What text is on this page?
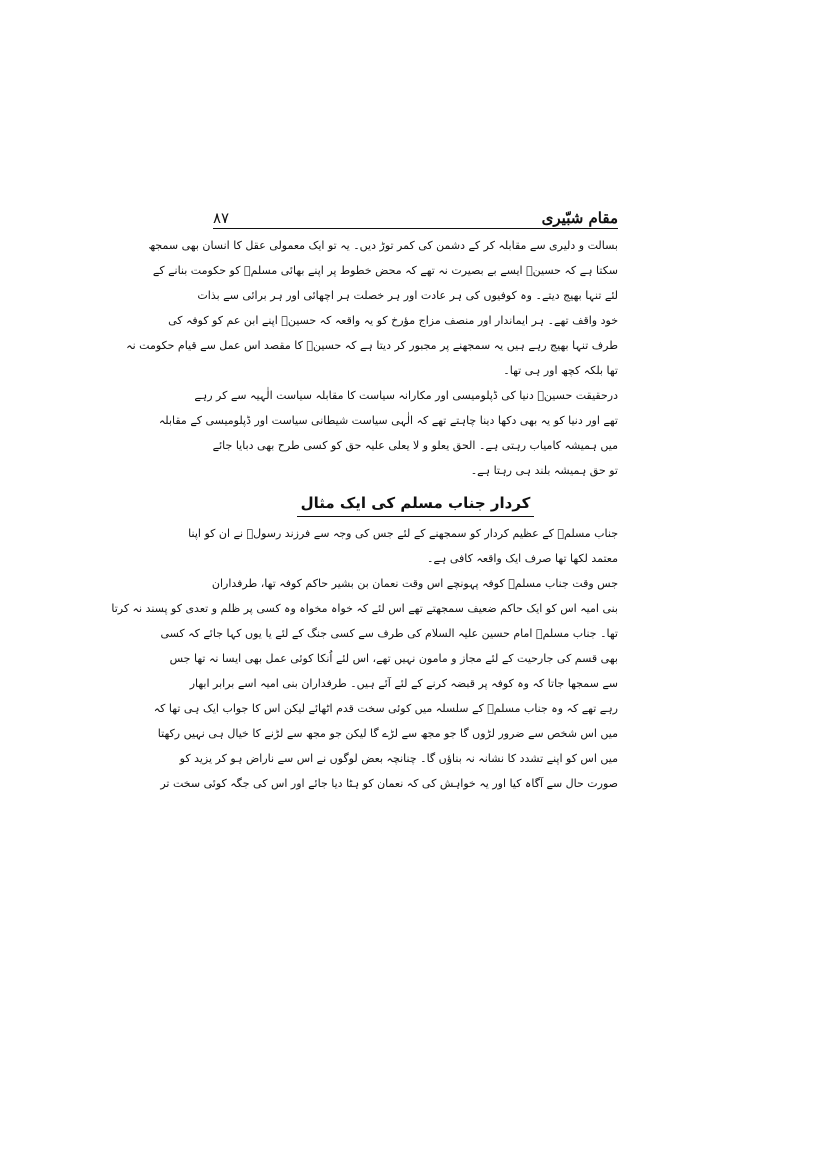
مقام شبّیری
۸۷
بسالت و دلیری سے مقابلہ کر کے دشمن کی کمر توڑ دیں۔ یہ تو ایک معمولی عقل کا انسان بھی سمجھ
سکتا ہے کہ حسینؑ ایسے بے بصیرت نہ تھے کہ محض خطوط پر اپنے بھائی مسلمؑ کو حکومت بنانے کے
لئے تنہا بھیج دیتے۔ وہ کوفیوں کی ہر عادت اور ہر خصلت ہر اچھائی اور ہر برائی سے بذات
خود واقف تھے۔ ہر ایماندار اور منصف مزاج مؤرخ کو یہ واقعہ کہ حسینؑ اپنے ابن عم کو کوفہ کی
طرف تنہا بھیج رہے ہیں یہ سمجھنے پر مجبور کر دیتا ہے کہ حسینؑ کا مقصد اس عمل سے قیام حکومت نہ
تھا بلکہ کچھ اور ہی تھا۔
درحقیقت حسینؑ دنیا کی ڈپلومیسی اور مکارانہ سیاست کا مقابلہ سیاست الٰہیہ سے کر رہے
تھے اور دنیا کو یہ بھی دکھا دینا چاہتے تھے کہ الٰہی سیاست شیطانی سیاست اور ڈپلومیسی کے مقابلہ
میں ہمیشہ کامیاب رہتی ہے۔ الحق یعلو و لا یعلی علیہ حق کو کسی طرح بھی دبایا جائے
تو حق ہمیشہ بلند ہی رہتا ہے۔
کردار جناب مسلم کی ایک مثال
جناب مسلمؑ کے عظیم کردار کو سمجھنے کے لئے جس کی وجہ سے فرزند رسولؐ نے ان کو اپنا
معتمد لکھا تھا صرف ایک واقعہ کافی ہے۔
جس وقت جناب مسلمؑ کوفہ پہونچے اس وقت نعمان بن بشیر حاکم کوفہ تھا، طرفداران
بنی امیہ اس کو ایک حاکم ضعیف سمجھتے تھے اس لئے کہ خواہ مخواہ وہ کسی پر ظلم و تعدی کو پسند نہ کرتا
تھا۔ جناب مسلمؑ امام حسین علیہ السلام کی طرف سے کسی جنگ کے لئے یا یوں کہا جائے کہ کسی
بھی قسم کی جارحیت کے لئے مجاز و مامون نہیں تھے، اس لئے اُنکا کوئی عمل بھی ایسا نہ تھا جس
سے سمجھا جاتا کہ وہ کوفہ پر قبضہ کرنے کے لئے آئے ہیں۔ طرفداران بنی امیہ اسے برابر ابھار
رہے تھے کہ وہ جناب مسلمؑ کے سلسلہ میں کوئی سخت قدم اٹھائے لیکن اس کا جواب ایک ہی تھا کہ
میں اس شخص سے ضرور لڑوں گا جو مجھ سے لڑے گا لیکن جو مجھ سے لڑنے کا خیال ہی نہیں رکھتا
میں اس کو اپنے تشدد کا نشانہ نہ بناؤں گا۔ چنانچہ بعض لوگوں نے اس سے ناراض ہو کر یزید کو
صورت حال سے آگاہ کیا اور یہ خواہش کی کہ نعمان کو ہٹا دیا جائے اور اس کی جگہ کوئی سخت تر
